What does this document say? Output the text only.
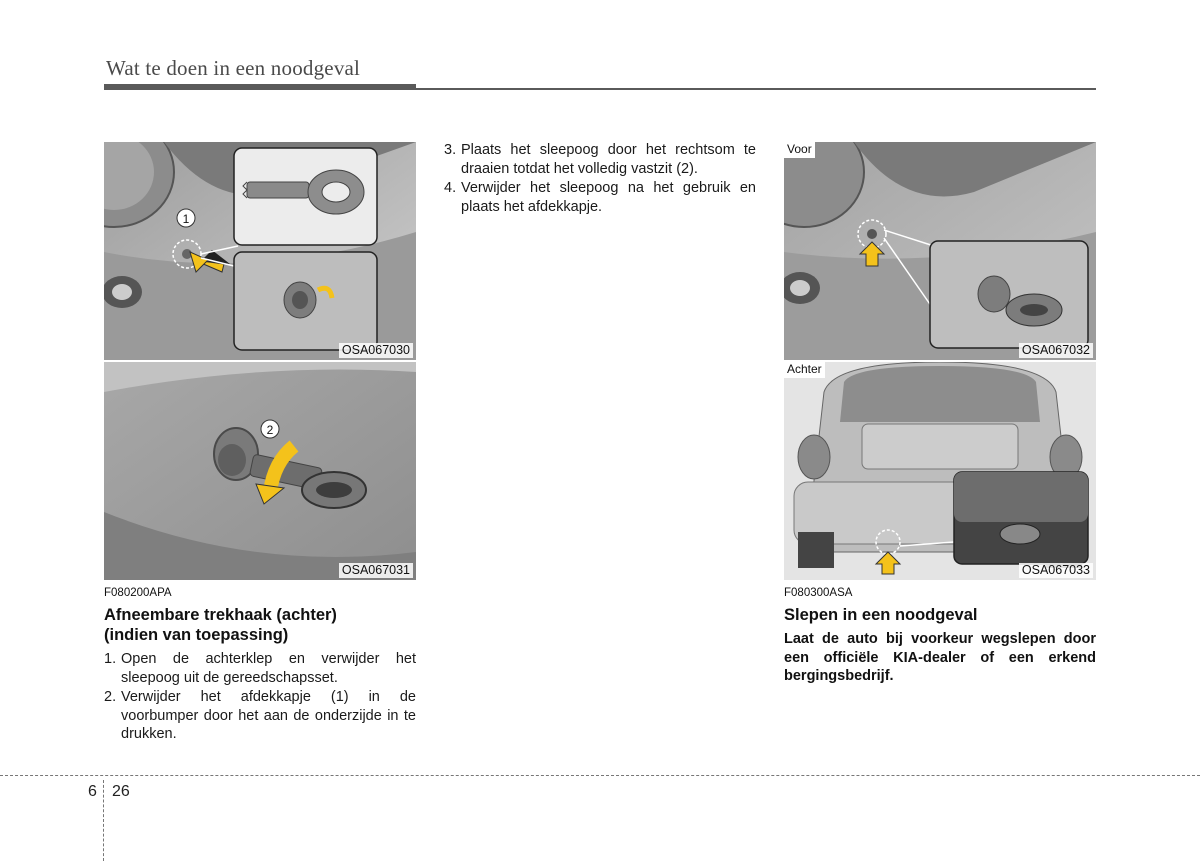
Wat te doen in een noodgeval
1
OSA067030
2
OSA067031
F080200APA
Afneembare trekhaak (achter)
(indien van toepassing)
1. Open de achterklep en verwijder het sleepoog uit de gereedschapsset.
2. Verwijder het afdekkapje (1) in de voorbumper door het aan de onderzijde in te drukken.
3. Plaats het sleepoog door het rechtsom te draaien totdat het volledig vastzit (2).
4. Verwijder het sleepoog na het gebruik en plaats het afdekkapje.
Voor
OSA067032
Achter
OSA067033
F080300ASA
Slepen in een noodgeval
Laat de auto bij voorkeur wegslepen door een officiële KIA-dealer of een erkend bergingsbedrijf.
6 26
